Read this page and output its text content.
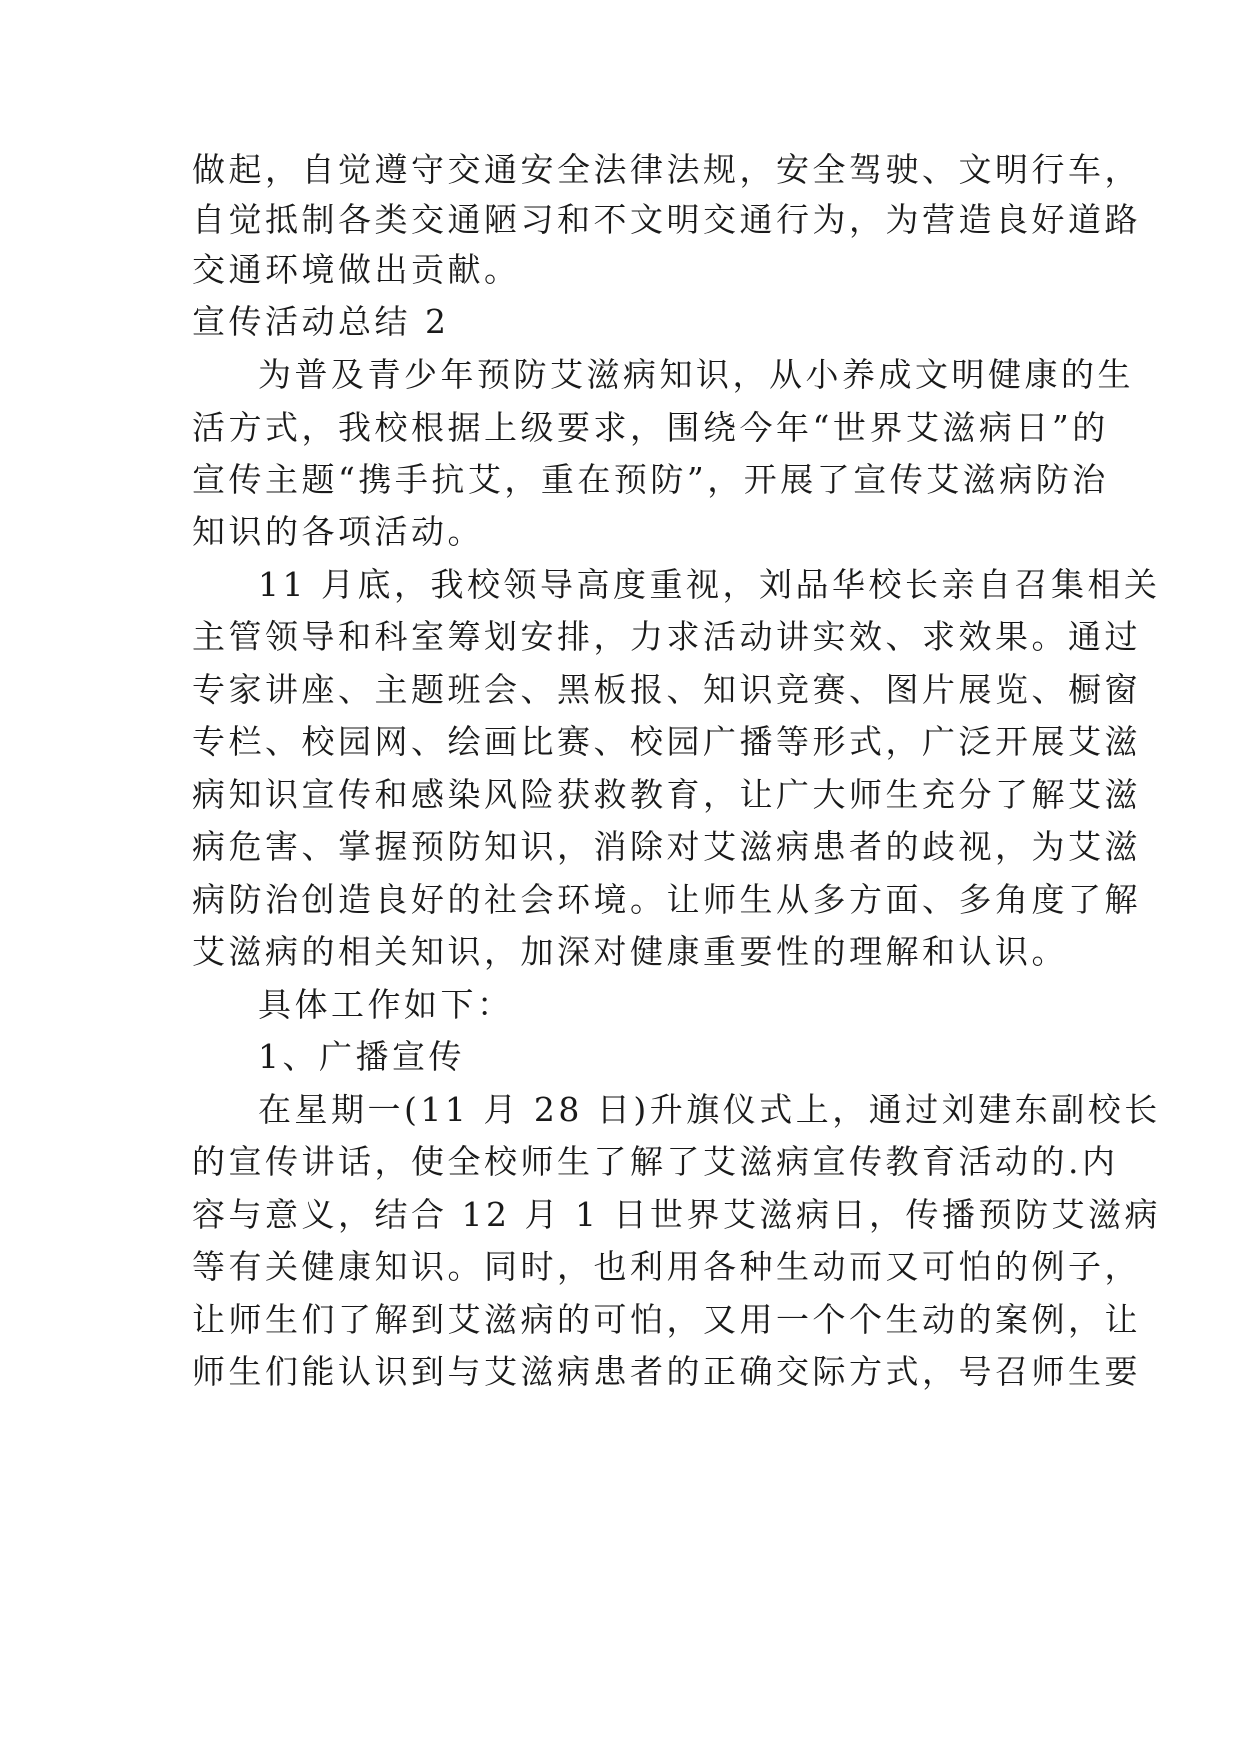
做起，自觉遵守交通安全法律法规，安全驾驶、文明行车，
自觉抵制各类交通陋习和不文明交通行为，为营造良好道路
交通环境做出贡献。
宣传活动总结 2
为普及青少年预防艾滋病知识，从小养成文明健康的生
活方式，我校根据上级要求，围绕今年“世界艾滋病日”的
宣传主题“携手抗艾，重在预防”，开展了宣传艾滋病防治
知识的各项活动。
11 月底，我校领导高度重视，刘品华校长亲自召集相关
主管领导和科室筹划安排，力求活动讲实效、求效果。通过
专家讲座、主题班会、黑板报、知识竞赛、图片展览、橱窗
专栏、校园网、绘画比赛、校园广播等形式，广泛开展艾滋
病知识宣传和感染风险获救教育，让广大师生充分了解艾滋
病危害、掌握预防知识，消除对艾滋病患者的歧视，为艾滋
病防治创造良好的社会环境。让师生从多方面、多角度了解
艾滋病的相关知识，加深对健康重要性的理解和认识。
具体工作如下：
1、广播宣传
在星期一(11 月 28 日)升旗仪式上，通过刘建东副校长
的宣传讲话，使全校师生了解了艾滋病宣传教育活动的.内
容与意义，结合 12 月 1 日世界艾滋病日，传播预防艾滋病
等有关健康知识。同时，也利用各种生动而又可怕的例子，
让师生们了解到艾滋病的可怕，又用一个个生动的案例，让
师生们能认识到与艾滋病患者的正确交际方式，号召师生要
